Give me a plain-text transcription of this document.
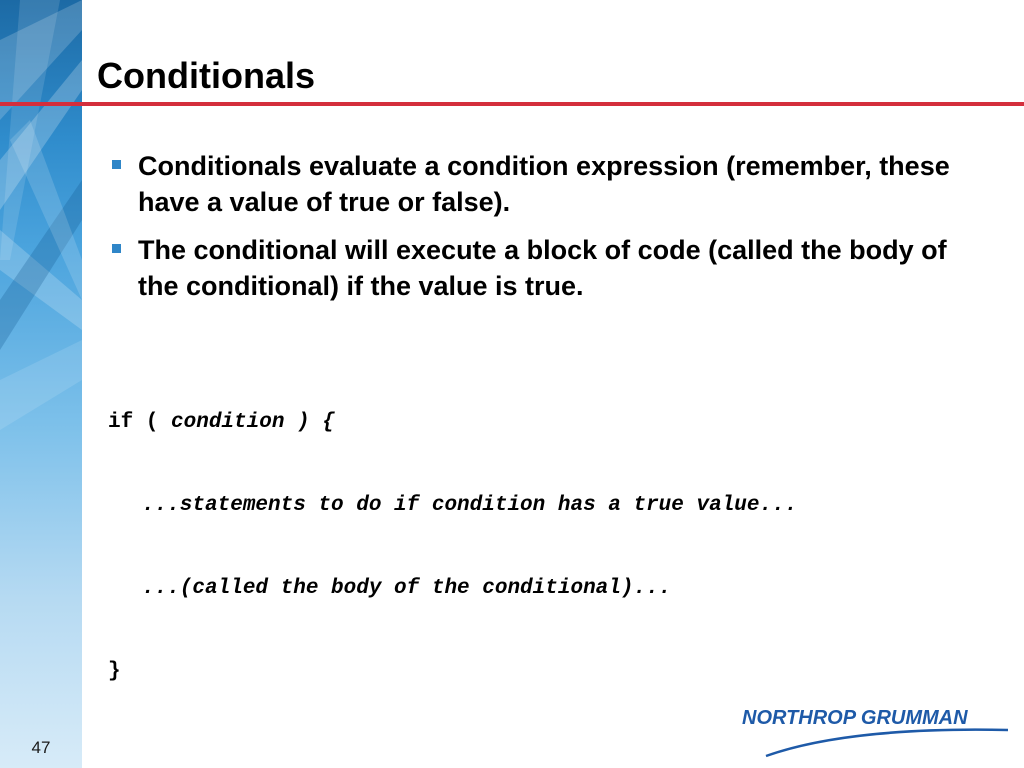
47
Conditionals
Conditionals evaluate a condition expression (remember, these have a value of true or false).
The conditional will execute a block of code (called the body of the conditional) if the value is true.

if ( condition ) {

...statements to do if condition has a true value...

...(called the body of the conditional)...

}

NORTHROP GRUMMAN
